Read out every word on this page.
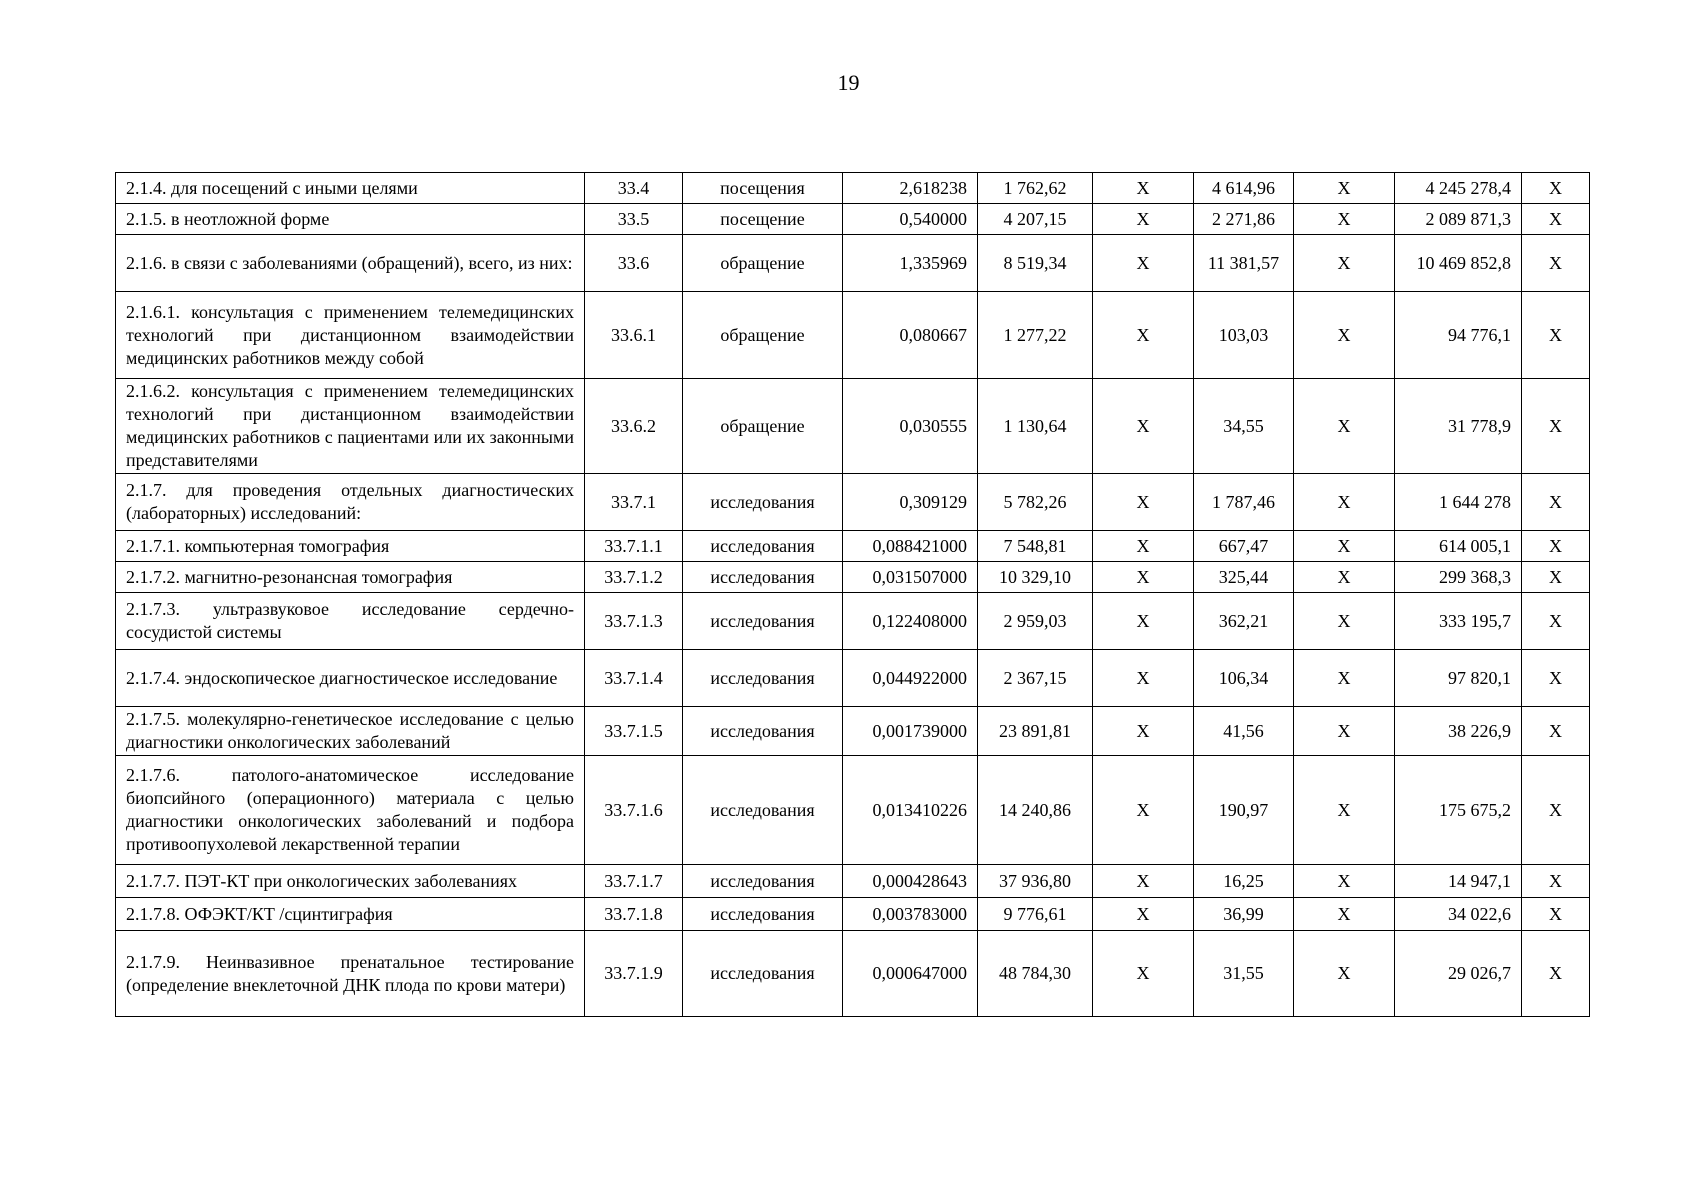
19
2.1.4. для посещений с иными целями	33.4	посещения	2,618238	1 762,62	X	4 614,96	X	4 245 278,4	X
2.1.5. в неотложной форме	33.5	посещение	0,540000	4 207,15	X	2 271,86	X	2 089 871,3	X
2.1.6. в связи с заболеваниями (обращений), всего, из них:	33.6	обращение	1,335969	8 519,34	X	11 381,57	X	10 469 852,8	X
2.1.6.1. консультация с применением телемедицинских технологий при дистанционном взаимодействии медицинских работников между собой	33.6.1	обращение	0,080667	1 277,22	X	103,03	X	94 776,1	X
2.1.6.2. консультация с применением телемедицинских технологий при дистанционном взаимодействии медицинских работников с пациентами или их законными представителями	33.6.2	обращение	0,030555	1 130,64	X	34,55	X	31 778,9	X
2.1.7. для проведения отдельных диагностических (лабораторных) исследований:	33.7.1	исследования	0,309129	5 782,26	X	1 787,46	X	1 644 278	X
2.1.7.1. компьютерная томография	33.7.1.1	исследования	0,088421000	7 548,81	X	667,47	X	614 005,1	X
2.1.7.2. магнитно-резонансная томография	33.7.1.2	исследования	0,031507000	10 329,10	X	325,44	X	299 368,3	X
2.1.7.3. ультразвуковое исследование сердечно-сосудистой системы	33.7.1.3	исследования	0,122408000	2 959,03	X	362,21	X	333 195,7	X
2.1.7.4. эндоскопическое диагностическое исследование	33.7.1.4	исследования	0,044922000	2 367,15	X	106,34	X	97 820,1	X
2.1.7.5. молекулярно-генетическое исследование с целью диагностики онкологических заболеваний	33.7.1.5	исследования	0,001739000	23 891,81	X	41,56	X	38 226,9	X
2.1.7.6. патолого-анатомическое исследование биопсийного (операционного) материала с целью диагностики онкологических заболеваний и подбора противоопухолевой лекарственной терапии	33.7.1.6	исследования	0,013410226	14 240,86	X	190,97	X	175 675,2	X
2.1.7.7. ПЭТ-КТ при онкологических заболеваниях	33.7.1.7	исследования	0,000428643	37 936,80	X	16,25	X	14 947,1	X
2.1.7.8. ОФЭКТ/КТ /сцинтиграфия	33.7.1.8	исследования	0,003783000	9 776,61	X	36,99	X	34 022,6	X
2.1.7.9. Неинвазивное пренатальное тестирование (определение внеклеточной ДНК плода по крови матери)	33.7.1.9	исследования	0,000647000	48 784,30	X	31,55	X	29 026,7	X
